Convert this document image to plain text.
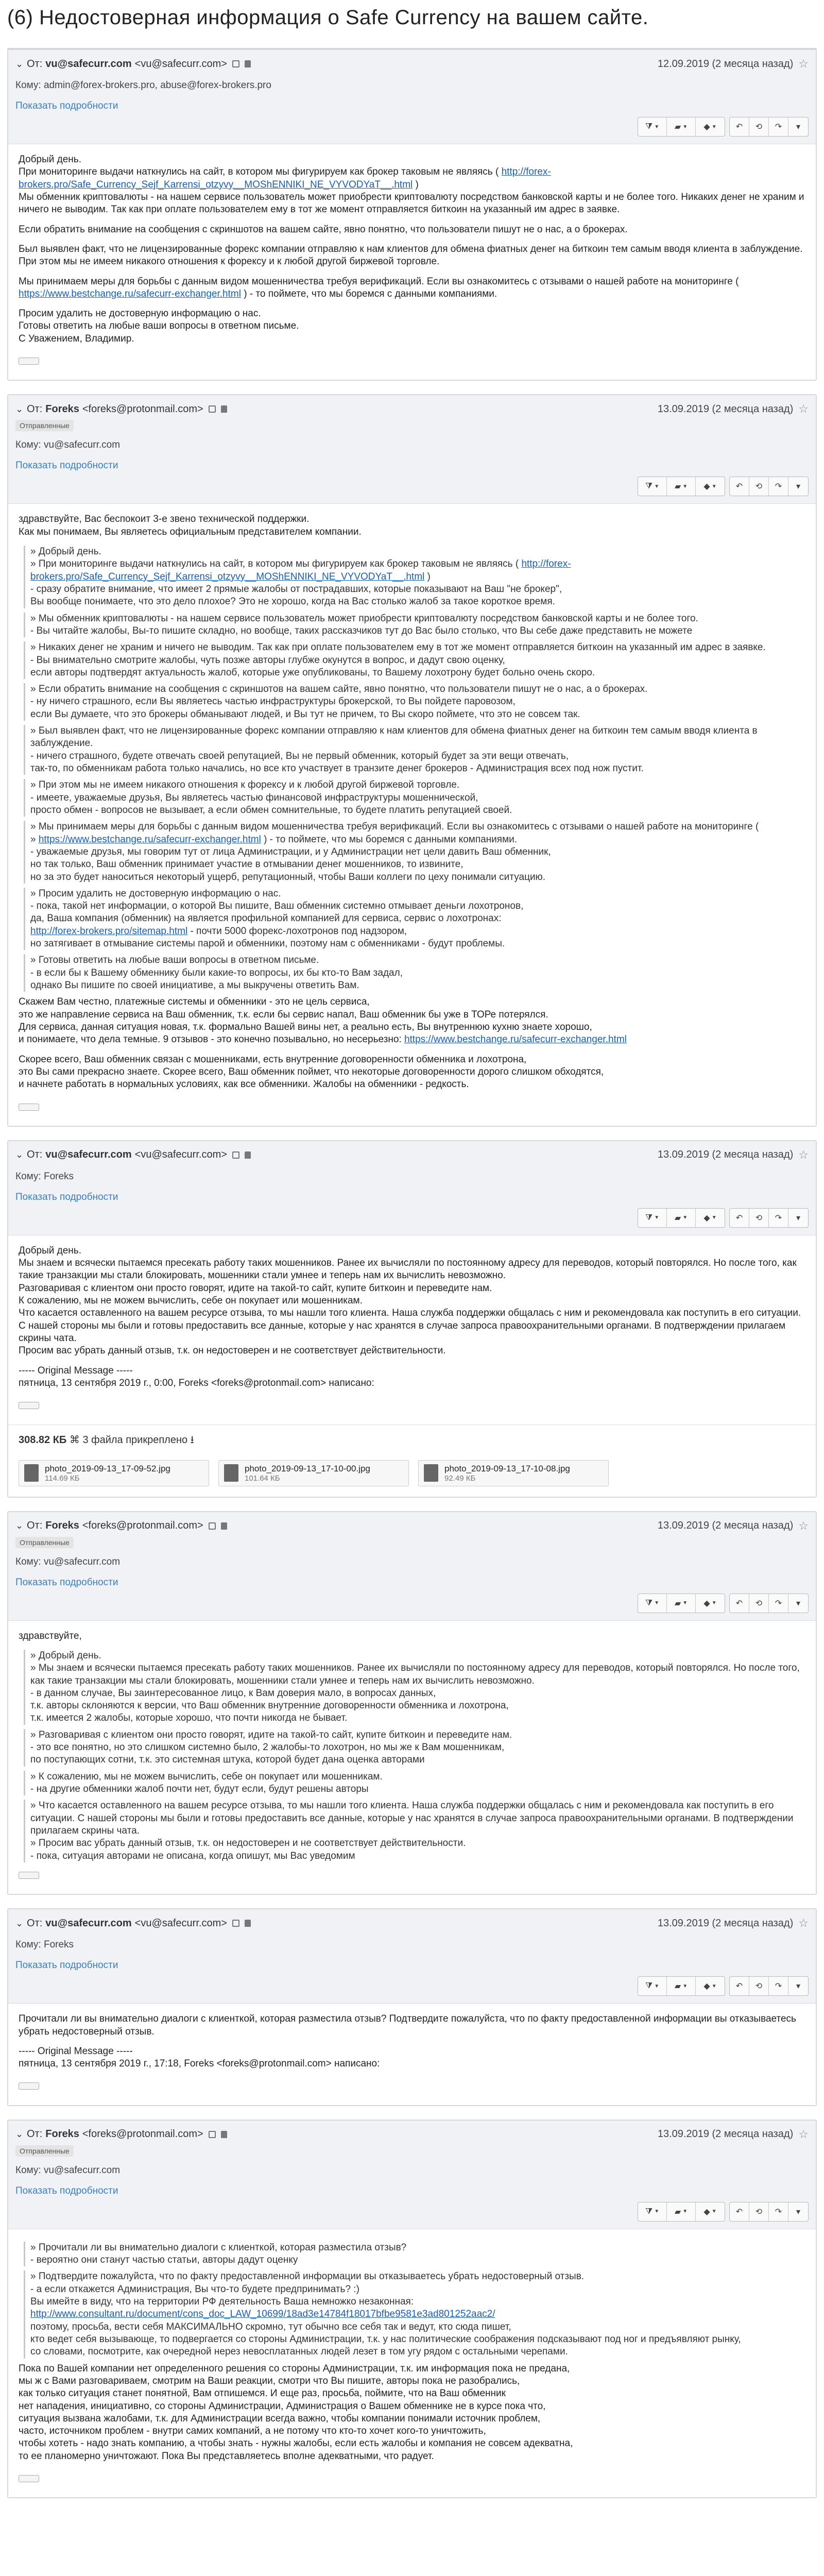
(6) Недостоверная информация о Safe Currency на вашем сайте.
⌄ От: vu@safecurr.com <vu@safecurr.com>	12.09.2019 (2 месяца назад) ☆
Кому: admin@forex-brokers.pro, abuse@forex-brokers.pro
Показать подробности
⧩ ▼ ▰ ▼ ◆ ▼ ↶ ⟲ ↷ ▾

Добрый день.
При мониторинге выдачи наткнулись на сайт, в котором мы фигурируем как брокер таковым не являясь ( http://forex-brokers.pro/Safe_Currency_Sejf_Karrensi_otzyvy__MOShENNIKI_NE_VYVODYaT__.html )
Мы обменник криптовалюты - на нашем сервисе пользователь может приобрести криптовалюту посредством банковской карты и не более того. Никаких денег не храним и ничего не выводим. Так как при оплате пользователем ему в тот же момент отправляется биткоин на указанный им адрес в заявке.

Если обратить внимание на сообщения с скриншотов на вашем сайте, явно понятно, что пользователи пишут не о нас, а о брокерах.

Был выявлен факт, что не лицензированные форекс компании отправляю к нам клиентов для обмена фиатных денег на биткоин тем самым вводя клиента в заблуждение. При этом мы не имеем никакого отношения к форексу и к любой другой биржевой торговле.

Мы принимаем меры для борьбы с данным видом мошенничества требуя верификаций. Если вы ознакомитесь с отзывами о нашей работе на мониторинге ( https://www.bestchange.ru/safecurr-exchanger.html ) - то поймете, что мы боремся с данными компаниями.

Просим удалить не достоверную информацию о нас.
Готовы ответить на любые ваши вопросы в ответном письме.
С Уважением, Владимир.

⌄ От: Foreks <foreks@protonmail.com>	13.09.2019 (2 месяца назад) ☆
Отправленные
Кому: vu@safecurr.com
Показать подробности
⧩ ▼ ▰ ▼ ◆ ▼ ↶ ⟲ ↷ ▾

здравствуйте, Вас беспокоит 3-е звено технической поддержки.
Как мы понимаем, Вы являетесь официальным представителем компании.

» Добрый день.
» При мониторинге выдачи наткнулись на сайт, в котором мы фигурируем как брокер таковым не являясь ( http://forex-brokers.pro/Safe_Currency_Sejf_Karrensi_otzyvy__MOShENNIKI_NE_VYVODYaT__.html )
- сразу обратите внимание, что имеет 2 прямые жалобы от пострадавших, которые показывают на Ваш "не брокер",
Вы вообще понимаете, что это дело плохое? Это не хорошо, когда на Вас столько жалоб за такое короткое время.

» Мы обменник криптовалюты - на нашем сервисе пользователь может приобрести криптовалюту посредством банковской карты и не более того.
- Вы читайте жалобы, Вы-то пишите складно, но вообще, таких рассказчиков тут до Вас было столько, что Вы себе даже представить не можете

» Никаких денег не храним и ничего не выводим. Так как при оплате пользователем ему в тот же момент отправляется биткоин на указанный им адрес в заявке.
- Вы внимательно смотрите жалобы, чуть позже авторы глубже окунутся в вопрос, и дадут свою оценку,
если авторы подтвердят актуальность жалоб, которые уже опубликованы, то Вашему лохотрону будет больно очень скоро.

» Если обратить внимание на сообщения с скриншотов на вашем сайте, явно понятно, что пользователи пишут не о нас, а о брокерах.
- ну ничего страшного, если Вы являетесь частью инфраструктуры брокерской, то Вы пойдете паровозом,
если Вы думаете, что это брокеры обманывают людей, и Вы тут не причем, то Вы скоро поймете, что это не совсем так.

» Был выявлен факт, что не лицензированные форекс компании отправляю к нам клиентов для обмена фиатных денег на биткоин тем самым вводя клиента в заблуждение.
- ничего страшного, будете отвечать своей репутацией, Вы не первый обменник, который будет за эти вещи отвечать,
так-то, по обменникам работа только начались, но все кто участвует в транзите денег брокеров - Администрация всех под нож пустит.

» При этом мы не имеем никакого отношения к форексу и к любой другой биржевой торговле.
- имеете, уважаемые друзья, Вы являетесь частью финансовой инфраструктуры мошеннической,
просто обмен - вопросов не вызывает, а если обмен сомнительные, то будете платить репутацией своей.

» Мы принимаем меры для борьбы с данным видом мошенничества требуя верификаций. Если вы ознакомитесь с отзывами о нашей работе на мониторинге (
» https://www.bestchange.ru/safecurr-exchanger.html ) - то поймете, что мы боремся с данными компаниями.
- уважаемые друзья, мы говорим тут от лица Администрации, и у Администрации нет цели давить Ваш обменник,
но так только, Ваш обменник принимает участие в отмывании денег мошенников, то извините,
но за это будет наноситься некоторый ущерб, репутационный, чтобы Ваши коллеги по цеху понимали ситуацию.

» Просим удалить не достоверную информацию о нас.
- пока, такой нет информации, о которой Вы пишите, Ваш обменник системно отмывает деньги лохотронов,
да, Ваша компания (обменник) на является профильной компанией для сервиса, сервис о лохотронах:
http://forex-brokers.pro/sitemap.html - почти 5000 форекс-лохотронов под надзором,
но затягивает в отмывание системы парой и обменники, поэтому нам с обменниками - будут проблемы.

» Готовы ответить на любые ваши вопросы в ответном письме.
- в если бы к Вашему обменнику были какие-то вопросы, их бы кто-то Вам задал,
однако Вы пишите по своей инициативе, а мы выкручены ответить Вам.

Скажем Вам честно, платежные системы и обменники - это не цель сервиса,
это же направление сервиса на Ваш обменник, т.к. если бы сервис напал, Ваш обменник бы уже в ТОРе потерялся.
Для сервиса, данная ситуация новая, т.к. формально Вашей вины нет, а реально есть, Вы внутреннюю кухню знаете хорошо,
и понимаете, что дела темные. 9 отзывов - это конечно позывально, но несерьезно: https://www.bestchange.ru/safecurr-exchanger.html

Скорее всего, Ваш обменник связан с мошенниками, есть внутренние договоренности обменника и лохотрона,
это Вы сами прекрасно знаете. Скорее всего, Ваш обменник поймет, что некоторые договоренности дорого слишком обходятся,
и начнете работать в нормальных условиях, как все обменники. Жалобы на обменники - редкость.

⌄ От: vu@safecurr.com <vu@safecurr.com>	13.09.2019 (2 месяца назад) ☆
Кому: Foreks
Показать подробности
⧩ ▼ ▰ ▼ ◆ ▼ ↶ ⟲ ↷ ▾

Добрый день.
Мы знаем и всячески пытаемся пресекать работу таких мошенников. Ранее их вычисляли по постоянному адресу для переводов, который повторялся. Но после того, как такие транзакции мы стали блокировать, мошенники стали умнее и теперь нам их вычислить невозможно.
Разговаривая с клиентом они просто говорят, идите на такой-то сайт, купите биткоин и переведите нам.
К сожалению, мы не можем вычислить, себе он покупает или мошенникам.
Что касается оставленного на вашем ресурсе отзыва, то мы нашли того клиента. Наша служба поддержки общалась с ним и рекомендовала как поступить в его ситуации. С нашей стороны мы были и готовы предоставить все данные, которые у нас хранятся в случае запроса правоохранительными органами. В подтверждении прилагаем скрины чата.
Просим вас убрать данный отзыв, т.к. он недостоверен и не соответствует действительности.

----- Original Message -----
пятница, 13 сентября 2019 г., 0:00, Foreks <foreks@protonmail.com> написано:

308.82 КБ ⌘ 3 файла прикреплено ⭳
photo_2019-09-13_17-09-52.jpg
114.69 КБ
photo_2019-09-13_17-10-00.jpg
101.64 КБ
photo_2019-09-13_17-10-08.jpg
92.49 КБ
⌄ От: Foreks <foreks@protonmail.com>	13.09.2019 (2 месяца назад) ☆
Отправленные
Кому: vu@safecurr.com
Показать подробности
⧩ ▼ ▰ ▼ ◆ ▼ ↶ ⟲ ↷ ▾

здравствуйте,

» Добрый день.
» Мы знаем и всячески пытаемся пресекать работу таких мошенников. Ранее их вычисляли по постоянному адресу для переводов, который повторялся. Но после того, как такие транзакции мы стали блокировать, мошенники стали умнее и теперь нам их вычислить невозможно.
- в данном случае, Вы заинтересованное лицо, к Вам доверия мало, в вопросах данных,
т.к. авторы склоняются к версии, что Ваш обменник внутренние договоренности обменника и лохотрона,
т.к. имеется 2 жалобы, которые хорошо, что почти никогда не бывает.

» Разговаривая с клиентом они просто говорят, идите на такой-то сайт, купите биткоин и переведите нам.
- это все понятно, но это слишком системно было, 2 жалобы-то лохотрон, но мы же к Вам мошенникам,
по поступающих сотни, т.к. это системная штука, которой будет дана оценка авторами

» К сожалению, мы не можем вычислить, себе он покупает или мошенникам.
- на другие обменники жалоб почти нет, будут если, будут решены авторы

» Что касается оставленного на вашем ресурсе отзыва, то мы нашли того клиента. Наша служба поддержки общалась с ним и рекомендовала как поступить в его ситуации. С нашей стороны мы были и готовы предоставить все данные, которые у нас хранятся в случае запроса правоохранительными органами. В подтверждении прилагаем скрины чата.
» Просим вас убрать данный отзыв, т.к. он недостоверен и не соответствует действительности.
- пока, ситуация авторами не описана, когда опишут, мы Вас уведомим

⌄ От: vu@safecurr.com <vu@safecurr.com>	13.09.2019 (2 месяца назад) ☆
Кому: Foreks
Показать подробности
⧩ ▼ ▰ ▼ ◆ ▼ ↶ ⟲ ↷ ▾

Прочитали ли вы внимательно диалоги с клиенткой, которая разместила отзыв? Подтвердите пожалуйста, что по факту предоставленной информации вы отказываетесь убрать недостоверный отзыв.

----- Original Message -----
пятница, 13 сентября 2019 г., 17:18, Foreks <foreks@protonmail.com> написано:

⌄ От: Foreks <foreks@protonmail.com>	13.09.2019 (2 месяца назад) ☆
Отправленные
Кому: vu@safecurr.com
Показать подробности
⧩ ▼ ▰ ▼ ◆ ▼ ↶ ⟲ ↷ ▾

» Прочитали ли вы внимательно диалоги с клиенткой, которая разместила отзыв?
- вероятно они станут частью статьи, авторы дадут оценку

» Подтвердите пожалуйста, что по факту предоставленной информации вы отказываетесь убрать недостоверный отзыв.
- а если откажется Администрация, Вы что-то будете предпринимать? :)
Вы имейте в виду, что на территории РФ деятельность Ваша немножко незаконная:
http://www.consultant.ru/document/cons_doc_LAW_10699/18ad3e14784f18017bfbe9581e3ad801252aac2/
поэтому, просьба, вести себя МАКСИМАЛЬНО скромно, тут обычно все себя так и ведут, кто сюда пишет,
кто ведет себя вызывающе, то подвергается со стороны Администрации, т.к. у нас политические соображения подсказывают под ног и предъявляют рынку,
со словами, посмотрите, как очередной нерез невосплатанных людей лезет в том угу рядом с остальными черепами.

Пока по Вашей компании нет определенного решения со стороны Администрации, т.к. им информация пока не предана,
мы ж с Вами разговариваем, смотрим на Ваши реакции, смотри что Вы пишите, авторы пока не разобрались,
как только ситуация станет понятной, Вам отпишемся. И еще раз, просьба, поймите, что на Ваш обменник
нет нападения, инициативно, со стороны Администрации, Администрация о Вашем обменнике не в курсе пока что,
ситуация вызвана жалобами, т.к. для Администрации всегда важно, чтобы компании понимали источник проблем,
часто, источником проблем - внутри самих компаний, а не потому что кто-то хочет кого-то уничтожить,
чтобы хотеть - надо знать компанию, а чтобы знать - нужны жалобы, если есть жалобы и компания не совсем адекватна,
то ее планомерно уничтожают. Пока Вы представляетесь вполне адекватными, что радует.
